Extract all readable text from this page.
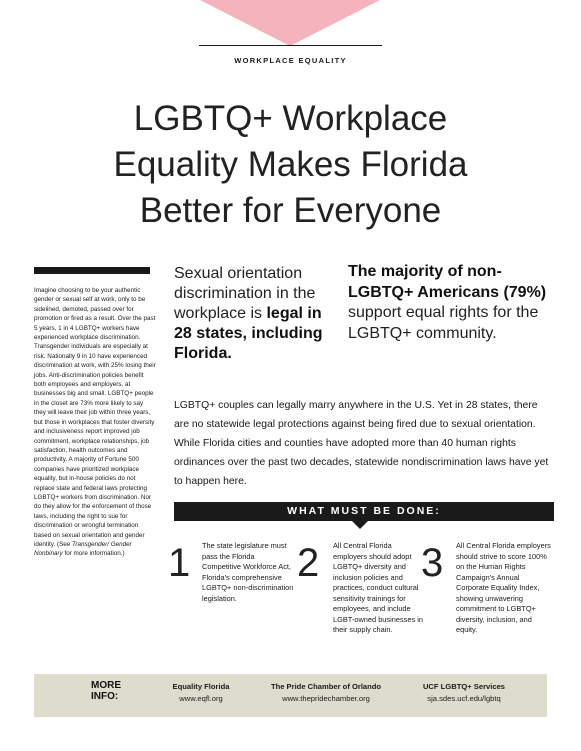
WORKPLACE EQUALITY
LGBTQ+ Workplace
Equality Makes Florida
Better for Everyone

Imagine choosing to be your authentic gender or sexual self at work, only to be sidelined, demoted, passed over for promotion or fired as a result. Over the past 5 years, 1 in 4 LGBTQ+ workers have experienced workplace discrimination. Transgender individuals are especially at risk. Nationally 9 in 10 have experienced discrimination at work, with 25% losing their jobs. Anti-discrimination policies benefit both employees and employers, at businesses big and small. LGBTQ+ people in the closet are 73% more likely to say they will leave their job within three years, but those in workplaces that foster diversity and inclusiveness report improved job commitment, workplace relationships, job satisfaction, health outcomes and productivity. A majority of Fortune 500 companies have prioritized workplace equality, but in-house policies do not replace state and federal laws protecting LGBTQ+ workers from discrimination. Nor do they allow for the enforcement of those laws, including the right to sue for discrimination or wrongful termination based on sexual orientation and gender identity. (See Transgender/ Gender Nonbinary for more information.)

Sexual orientation discrimination in the workplace is legal in 28 states, including Florida.

The majority of non-LGBTQ+ Americans (79%) support equal rights for the LGBTQ+ community.

LGBTQ+ couples can legally marry anywhere in the U.S. Yet in 28 states, there are no statewide legal protections against being fired due to sexual orientation. While Florida cities and counties have adopted more than 40 human rights ordinances over the past two decades, statewide nondiscrimination laws have yet to happen here.

WHAT MUST BE DONE:
1 The state legislature must pass the Florida Competitive Workforce Act, Florida's comprehensive LGBTQ+ non-discrimination legislation.

2 All Central Florida employers should adopt LGBTQ+ diversity and inclusion policies and practices, conduct cultural sensitivity trainings for employees, and include LGBT-owned businesses in their supply chain.

3 All Central Florida employers should strive to score 100% on the Human Rights Campaign's Annual Corporate Equality Index, showing unwavering commitment to LGBTQ+ diversity, inclusion, and equity.

MORE
INFO:
Equality Florida
www.eqfl.org
The Pride Chamber of Orlando
www.thepridechamber.org
UCF LGBTQ+ Services
sja.sdes.ucf.edu/lgbtq
